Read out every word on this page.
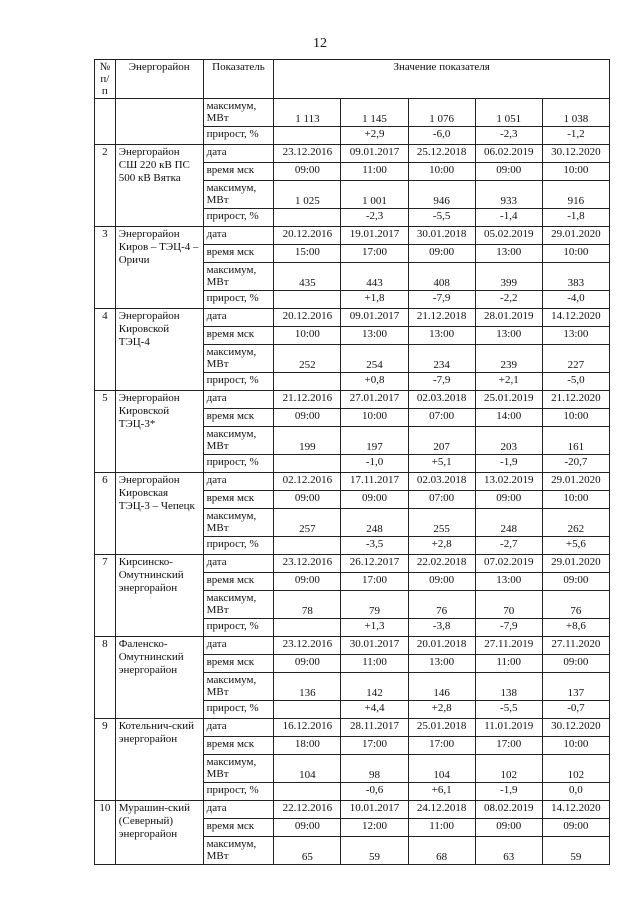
12
№ п/п	Энергорайон	Показатель	Значение показателя				
		максимум, МВт	1 113	1 145	1 076	1 051	1 038
		прирост, %		+2,9	-6,0	-2,3	-1,2
2	Энергорайон СШ 220 кВ ПС 500 кВ Вятка	дата	23.12.2016	09.01.2017	25.12.2018	06.02.2019	30.12.2020
		время мск	09:00	11:00	10:00	09:00	10:00
		максимум, МВт	1 025	1 001	946	933	916
		прирост, %		-2,3	-5,5	-1,4	-1,8
3	Энергорайон Киров – ТЭЦ-4 – Оричи	дата	20.12.2016	19.01.2017	30.01.2018	05.02.2019	29.01.2020
		время мск	15:00	17:00	09:00	13:00	10:00
		максимум, МВт	435	443	408	399	383
		прирост, %		+1,8	-7,9	-2,2	-4,0
4	Энергорайон Кировской ТЭЦ-4	дата	20.12.2016	09.01.2017	21.12.2018	28.01.2019	14.12.2020
		время мск	10:00	13:00	13:00	13:00	13:00
		максимум, МВт	252	254	234	239	227
		прирост, %		+0,8	-7,9	+2,1	-5,0
5	Энергорайон Кировской ТЭЦ-3*	дата	21.12.2016	27.01.2017	02.03.2018	25.01.2019	21.12.2020
		время мск	09:00	10:00	07:00	14:00	10:00
		максимум, МВт	199	197	207	203	161
		прирост, %		-1,0	+5,1	-1,9	-20,7
6	Энергорайон Кировская ТЭЦ-3 – Чепецк	дата	02.12.2016	17.11.2017	02.03.2018	13.02.2019	29.01.2020
		время мск	09:00	09:00	07:00	09:00	10:00
		максимум, МВт	257	248	255	248	262
		прирост, %		-3,5	+2,8	-2,7	+5,6
7	Кирсинско-Омутнинский энергорайон	дата	23.12.2016	26.12.2017	22.02.2018	07.02.2019	29.01.2020
		время мск	09:00	17:00	09:00	13:00	09:00
		максимум, МВт	78	79	76	70	76
		прирост, %		+1,3	-3,8	-7,9	+8,6
8	Фаленско-Омутнинский энергорайон	дата	23.12.2016	30.01.2017	20.01.2018	27.11.2019	27.11.2020
		время мск	09:00	11:00	13:00	11:00	09:00
		максимум, МВт	136	142	146	138	137
		прирост, %		+4,4	+2,8	-5,5	-0,7
9	Котельнич-ский энергорайон	дата	16.12.2016	28.11.2017	25.01.2018	11.01.2019	30.12.2020
		время мск	18:00	17:00	17:00	17:00	10:00
		максимум, МВт	104	98	104	102	102
		прирост, %		-0,6	+6,1	-1,9	0,0
10	Мурашин-ский (Северный) энергорайон	дата	22.12.2016	10.01.2017	24.12.2018	08.02.2019	14.12.2020
		время мск	09:00	12:00	11:00	09:00	09:00
		максимум, МВт	65	59	68	63	59
